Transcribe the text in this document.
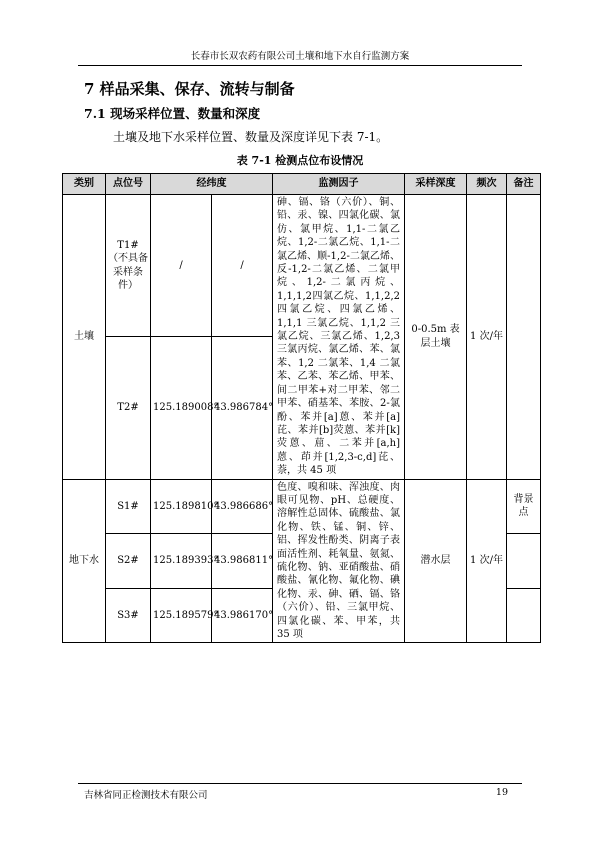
长春市长双农药有限公司土壤和地下水自行监测方案
7 样品采集、保存、流转与制备
7.1 现场采样位置、数量和深度
土壤及地下水采样位置、数量及深度详见下表 7-1。
表 7-1 检测点位布设情况
类别	点位号	经纬度		监测因子	采样深度	频次	备注
土壤	T1#（不具备采样条件）	/	/	砷、镉、铬（六价）、铜、铅、汞、镍、四氯化碳、氯仿、氯甲烷、1,1-二氯乙烷、1,2-二氯乙烷、1,1-二氯乙烯、顺-1,2-二氯乙烯、反-1,2-二氯乙烯、二氯甲烷、1,2-二氯丙烷、1,1,1,2四氯乙烷、1,1,2,2四氯乙烷、四氯乙烯、1,1,1 三氯乙烷、1,1,2 三氯乙烷、三氯乙烯、1,2,3 三氯丙烷、氯乙烯、苯、氯苯、1,2 二氯苯、1,4 二氯苯、乙苯、苯乙烯、甲苯、间二甲苯+对二甲苯、邻二甲苯、硝基苯、苯胺、2-氯酚、苯并[a]蒽、苯并[a]芘、苯并[b]荧蒽、苯并[k]荧蒽、䓛、二苯并[a,h]蒽、茚并[1,2,3-c,d]芘、萘，共 45 项	0-0.5m 表层土壤	1 次/年	
	T2#	125.189008°	43.986784°				
地下水	S1#	125.189810°	43.986686°	色度、嗅和味、浑浊度、肉眼可见物、pH、总硬度、溶解性总固体、硫酸盐、氯化物、铁、锰、铜、锌、铝、挥发性酚类、阴离子表面活性剂、耗氧量、氨氮、硫化物、钠、亚硝酸盐、硝酸盐、氰化物、氟化物、碘化物、汞、砷、硒、镉、铬（六价）、铅、三氯甲烷、四氯化碳、苯、甲苯，共 35 项	潜水层	1 次/年	背景点
	S2#	125.189393°	43.986811°				
	S3#	125.189579°	43.986170°				
吉林省同正检测技术有限公司	19
